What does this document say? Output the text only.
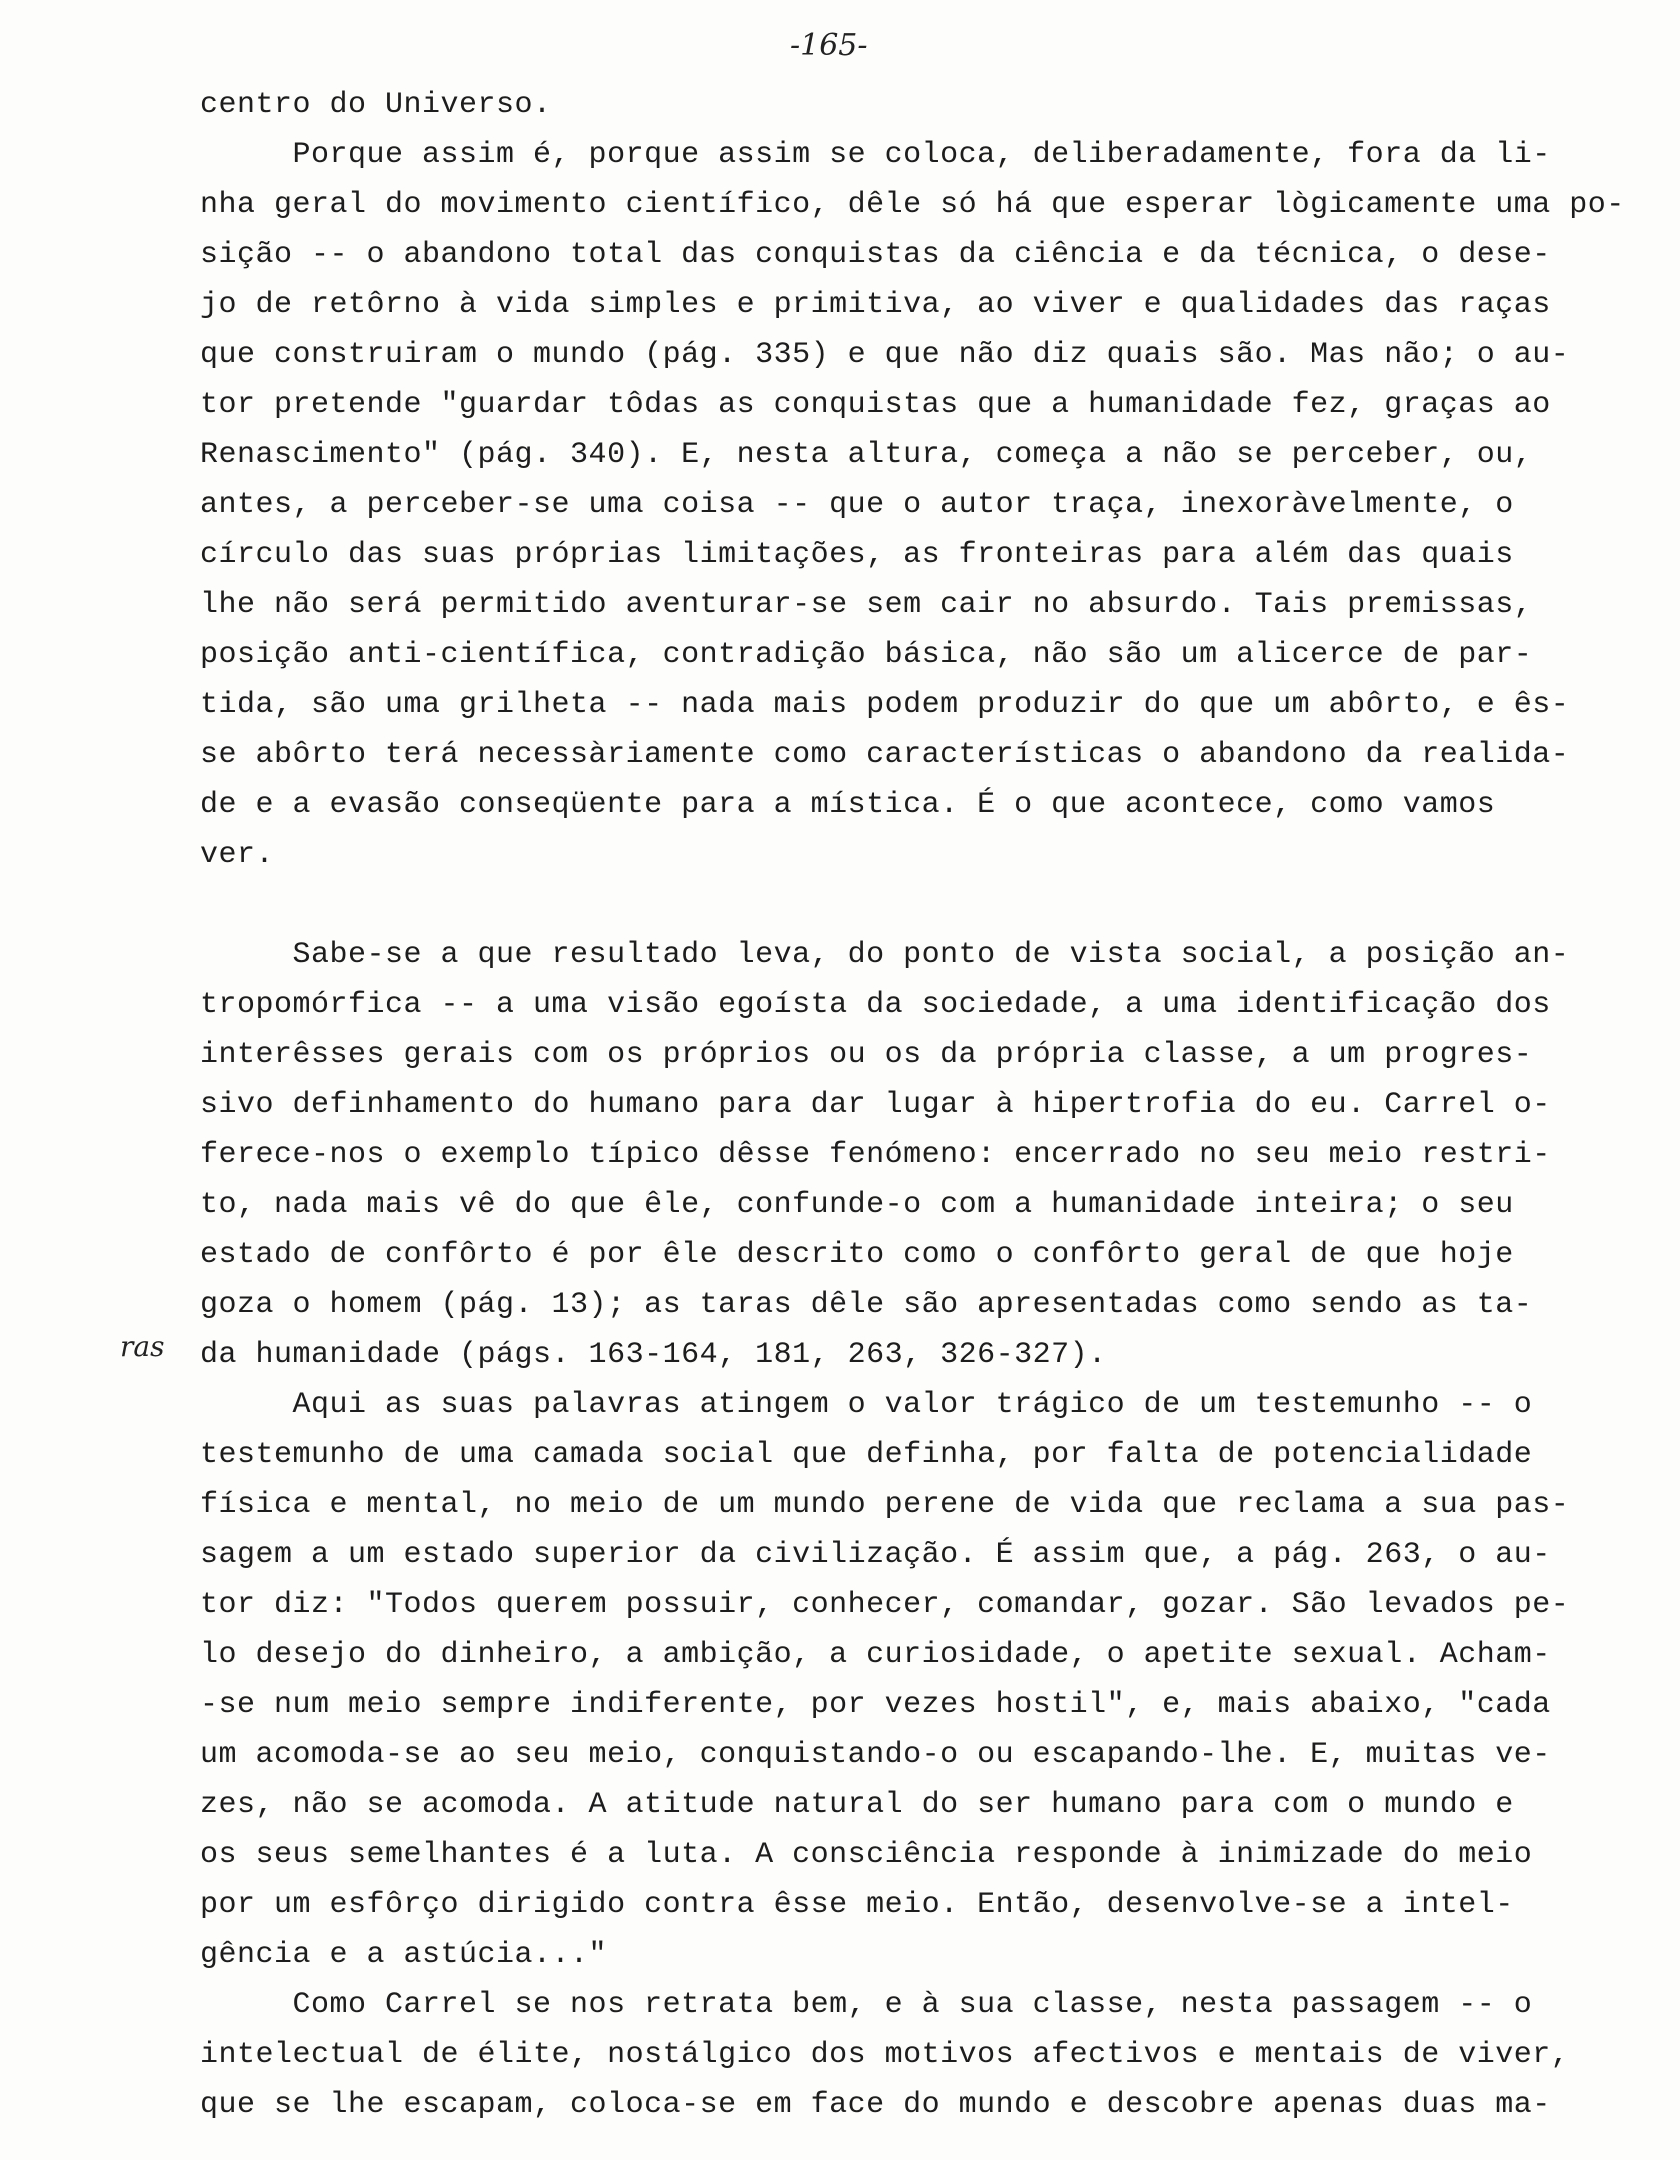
-165-
ras
centro do Universo.
Porque assim é, porque assim se coloca, deliberadamente, fora da li-
nha geral do movimento científico, dêle só há que esperar lògicamente uma po-
sição -- o abandono total das conquistas da ciência e da técnica, o dese-
jo de retôrno à vida simples e primitiva, ao viver e qualidades das raças
que construiram o mundo (pág. 335) e que não diz quais são. Mas não; o au-
tor pretende "guardar tôdas as conquistas que a humanidade fez, graças ao
Renascimento" (pág. 340). E, nesta altura, começa a não se perceber, ou,
antes, a perceber-se uma coisa -- que o autor traça, inexoràvelmente, o
círculo das suas próprias limitações, as fronteiras para além das quais
lhe não será permitido aventurar-se sem cair no absurdo. Tais premissas,
posição anti-científica, contradição básica, não são um alicerce de par-
tida, são uma grilheta -- nada mais podem produzir do que um abôrto, e ês-
se abôrto terá necessàriamente como características o abandono da realida-
de e a evasão conseqüente para a mística. É o que acontece, como vamos
ver.
Sabe-se a que resultado leva, do ponto de vista social, a posição an-
tropomórfica -- a uma visão egoísta da sociedade, a uma identificação dos
interêsses gerais com os próprios ou os da própria classe, a um progres-
sivo definhamento do humano para dar lugar à hipertrofia do eu. Carrel o-
ferece-nos o exemplo típico dêsse fenómeno: encerrado no seu meio restri-
to, nada mais vê do que êle, confunde-o com a humanidade inteira; o seu
estado de confôrto é por êle descrito como o confôrto geral de que hoje
goza o homem (pág. 13); as taras dêle são apresentadas como sendo as ta-
da humanidade (págs. 163-164, 181, 263, 326-327).
Aqui as suas palavras atingem o valor trágico de um testemunho -- o
testemunho de uma camada social que definha, por falta de potencialidade
física e mental, no meio de um mundo perene de vida que reclama a sua pas-
sagem a um estado superior da civilização. É assim que, a pág. 263, o au-
tor diz: "Todos querem possuir, conhecer, comandar, gozar. São levados pe-
lo desejo do dinheiro, a ambição, a curiosidade, o apetite sexual. Acham-
-se num meio sempre indiferente, por vezes hostil", e, mais abaixo, "cada
um acomoda-se ao seu meio, conquistando-o ou escapando-lhe. E, muitas ve-
zes, não se acomoda. A atitude natural do ser humano para com o mundo e
os seus semelhantes é a luta. A consciência responde à inimizade do meio
por um esfôrço dirigido contra êsse meio. Então, desenvolve-se a intel-
gência e a astúcia..."
Como Carrel se nos retrata bem, e à sua classe, nesta passagem -- o
intelectual de élite, nostálgico dos motivos afectivos e mentais de viver,
que se lhe escapam, coloca-se em face do mundo e descobre apenas duas ma-
